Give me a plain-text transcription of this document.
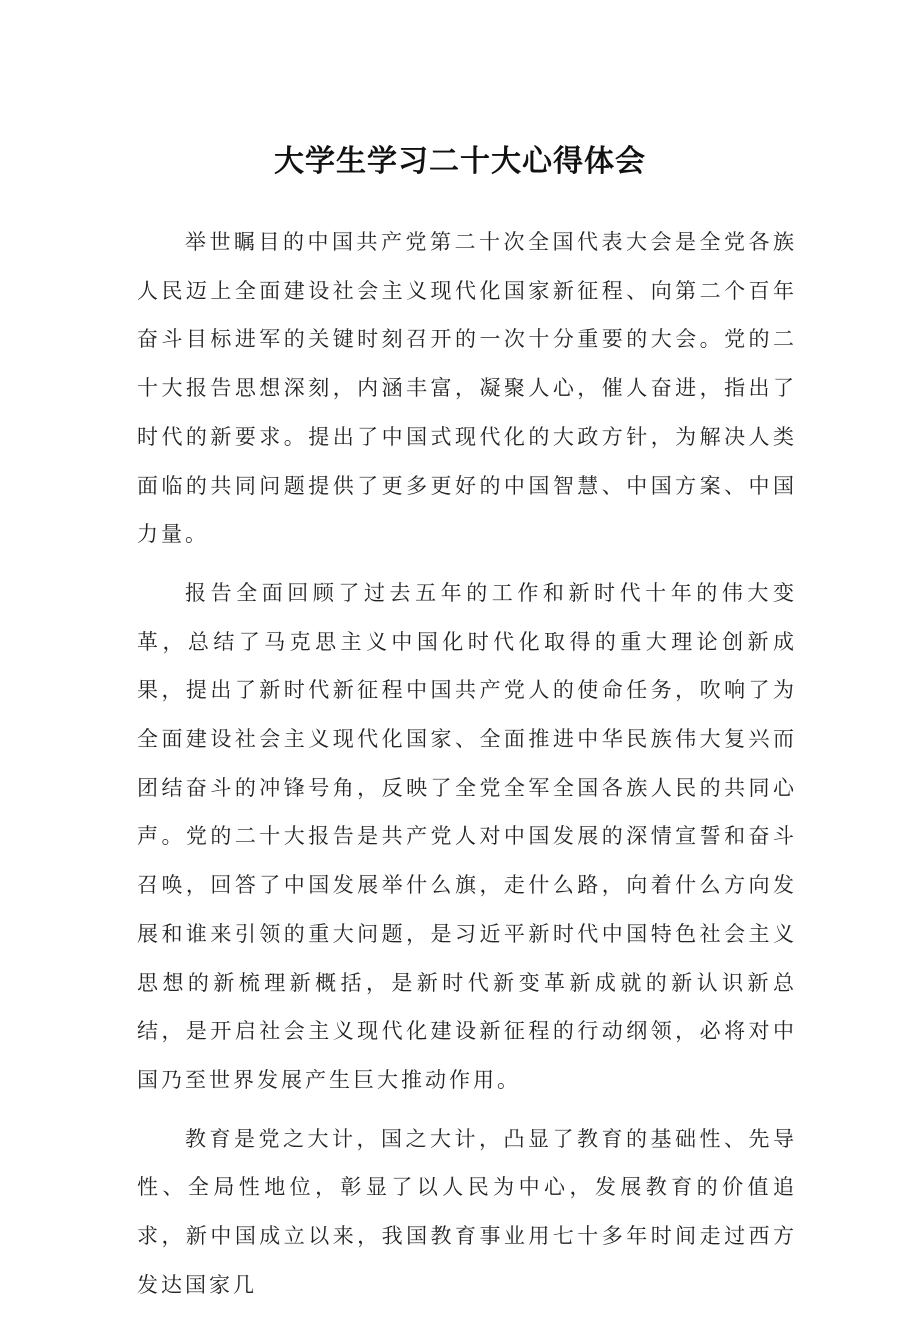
大学生学习二十大心得体会

举世瞩目的中国共产党第二十次全国代表大会是全党各族人民迈上全面建设社会主义现代化国家新征程、向第二个百年奋斗目标进军的关键时刻召开的一次十分重要的大会。党的二十大报告思想深刻，内涵丰富，凝聚人心，催人奋进，指出了时代的新要求。提出了中国式现代化的大政方针，为解决人类面临的共同问题提供了更多更好的中国智慧、中国方案、中国力量。

报告全面回顾了过去五年的工作和新时代十年的伟大变革，总结了马克思主义中国化时代化取得的重大理论创新成果，提出了新时代新征程中国共产党人的使命任务，吹响了为全面建设社会主义现代化国家、全面推进中华民族伟大复兴而团结奋斗的冲锋号角，反映了全党全军全国各族人民的共同心声。党的二十大报告是共产党人对中国发展的深情宣誓和奋斗召唤，回答了中国发展举什么旗，走什么路，向着什么方向发展和谁来引领的重大问题，是习近平新时代中国特色社会主义思想的新梳理新概括，是新时代新变革新成就的新认识新总结，是开启社会主义现代化建设新征程的行动纲领，必将对中国乃至世界发展产生巨大推动作用。

教育是党之大计，国之大计，凸显了教育的基础性、先导性、全局性地位，彰显了以人民为中心，发展教育的价值追求，新中国成立以来，我国教育事业用七十多年时间走过西方发达国家几
